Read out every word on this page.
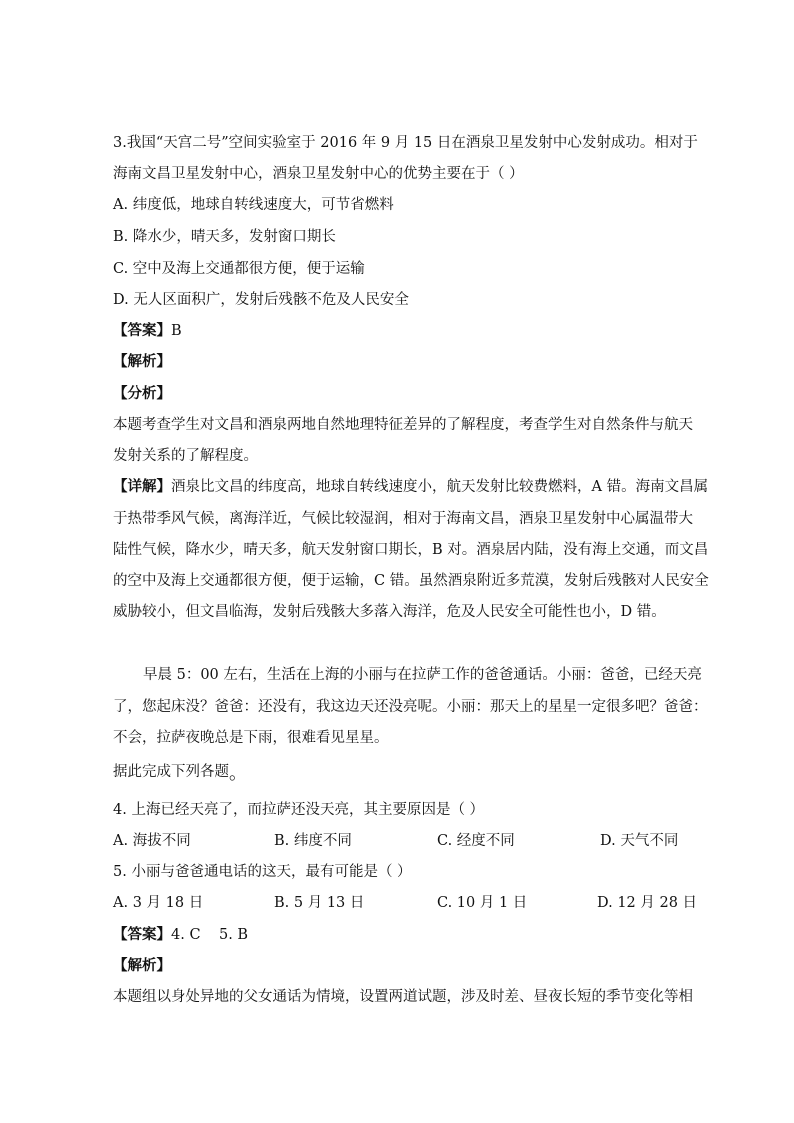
3.我国“天宫二号”空间实验室于 2016 年 9 月 15 日在酒泉卫星发射中心发射成功。相对于
海南文昌卫星发射中心，酒泉卫星发射中心的优势主要在于（ ）
A. 纬度低，地球自转线速度大，可节省燃料
B. 降水少，晴天多，发射窗口期长
C. 空中及海上交通都很方便，便于运输
D. 无人区面积广，发射后残骸不危及人民安全
【答案】B
【解析】
【分析】
本题考查学生对文昌和酒泉两地自然地理特征差异的了解程度，考查学生对自然条件与航天
发射关系的了解程度。
【详解】酒泉比文昌的纬度高，地球自转线速度小，航天发射比较费燃料，A 错。海南文昌属
于热带季风气候，离海洋近，气候比较湿润，相对于海南文昌，酒泉卫星发射中心属温带大
陆性气候，降水少，晴天多，航天发射窗口期长，B 对。酒泉居内陆，没有海上交通，而文昌
的空中及海上交通都很方便，便于运输，C 错。虽然酒泉附近多荒漠，发射后残骸对人民安全
威胁较小，但文昌临海，发射后残骸大多落入海洋，危及人民安全可能性也小，D 错。
早晨 5：00 左右，生活在上海的小丽与在拉萨工作的爸爸通话。小丽：爸爸，已经天亮
了，您起床没？爸爸：还没有，我这边天还没亮呢。小丽：那天上的星星一定很多吧？爸爸：
不会，拉萨夜晚总是下雨，很难看见星星。
据此完成下列各题。
4. 上海已经天亮了，而拉萨还没天亮，其主要原因是（ ）
A. 海拔不同	B. 纬度不同	C. 经度不同	D. 天气不同
5. 小丽与爸爸通电话的这天，最有可能是（ ）
A. 3 月 18 日	B. 5 月 13 日	C. 10 月 1 日	D. 12 月 28 日
【答案】4. C    5. B
【解析】
本题组以身处异地的父女通话为情境，设置两道试题，涉及时差、昼夜长短的季节变化等相
